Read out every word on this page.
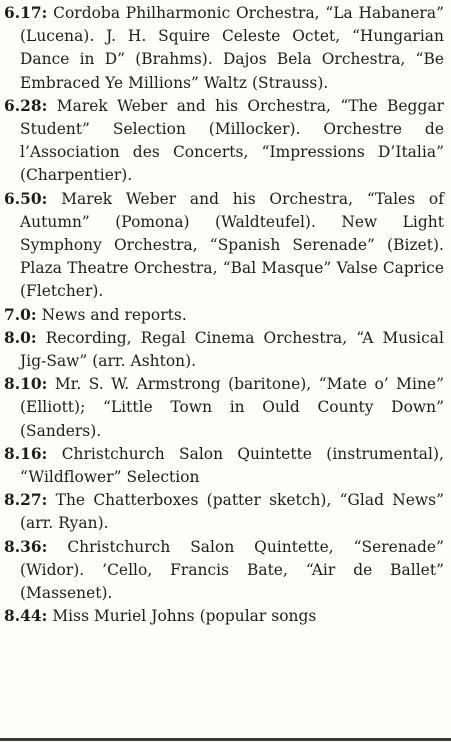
6.17: Cordoba Philharmonic Orchestra, “La Habanera” (Lucena). J. H. Squire Celeste Octet, “Hungarian Dance in D” (Brahms). Dajos Bela Orchestra, “Be Embraced Ye Millions” Waltz (Strauss).

6.28: Marek Weber and his Orchestra, “The Beggar Student” Selection (Millocker). Orchestre de l’Association des Concerts, “Impressions D’Italia” (Charpentier).

6.50: Marek Weber and his Orchestra, “Tales of Autumn” (Pomona) (Waldteufel). New Light Symphony Orchestra, “Spanish Serenade” (Bizet). Plaza Theatre Orchestra, “Bal Masque” Valse Caprice (Fletcher).

7.0: News and reports.

8.0: Recording, Regal Cinema Orchestra, “A Musical Jig-Saw” (arr. Ashton).

8.10: Mr. S. W. Armstrong (baritone), “Mate o’ Mine” (Elliott); “Little Town in Ould County Down” (Sanders).

8.16: Christchurch Salon Quintette (instrumental), “Wildflower” Selection

8.27: The Chatterboxes (patter sketch), “Glad News” (arr. Ryan).

8.36: Christchurch Salon Quintette, “Serenade” (Widor). ’Cello, Francis Bate, “Air de Ballet” (Massenet).

8.44: Miss Muriel Johns (popular songs
